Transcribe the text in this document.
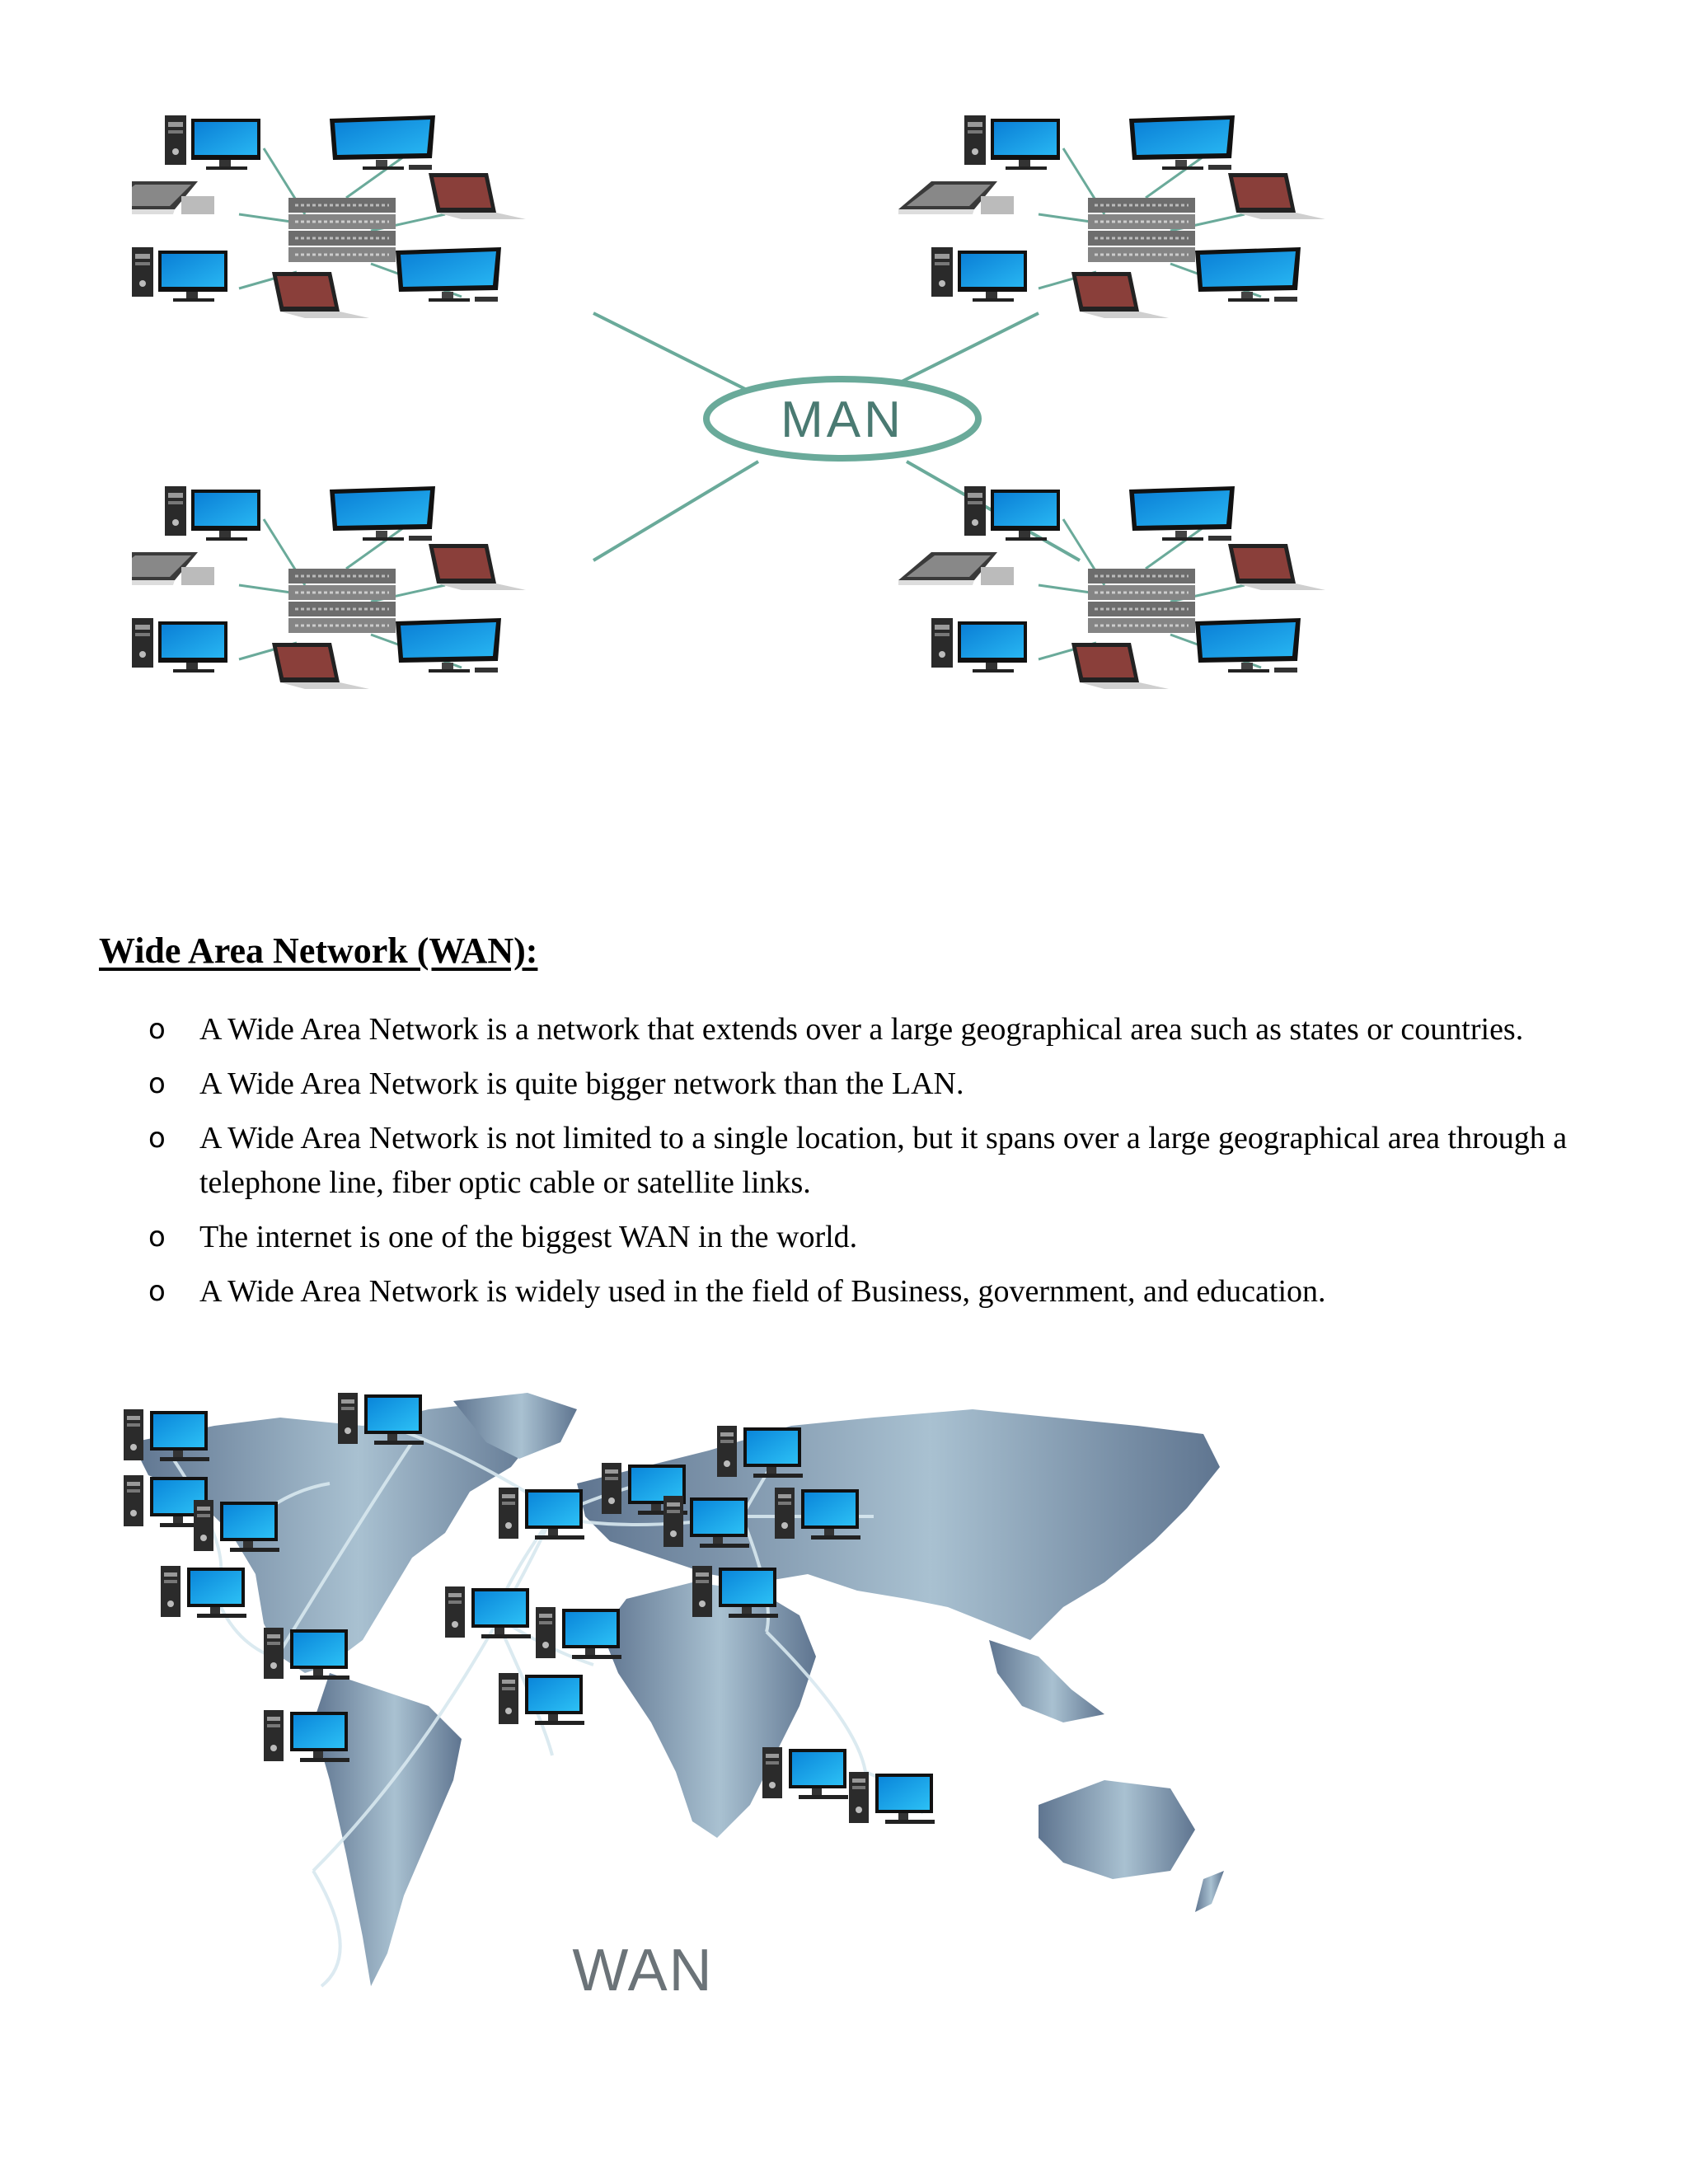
MAN
Wide Area Network (WAN):
o A Wide Area Network is a network that extends over a large geographical area such as states or countries.
o A Wide Area Network is quite bigger network than the LAN.
o A Wide Area Network is not limited to a single location, but it spans over a large geographical area through a telephone line, fiber optic cable or satellite links.
o The internet is one of the biggest WAN in the world.
o A Wide Area Network is widely used in the field of Business, government, and education.
WAN
